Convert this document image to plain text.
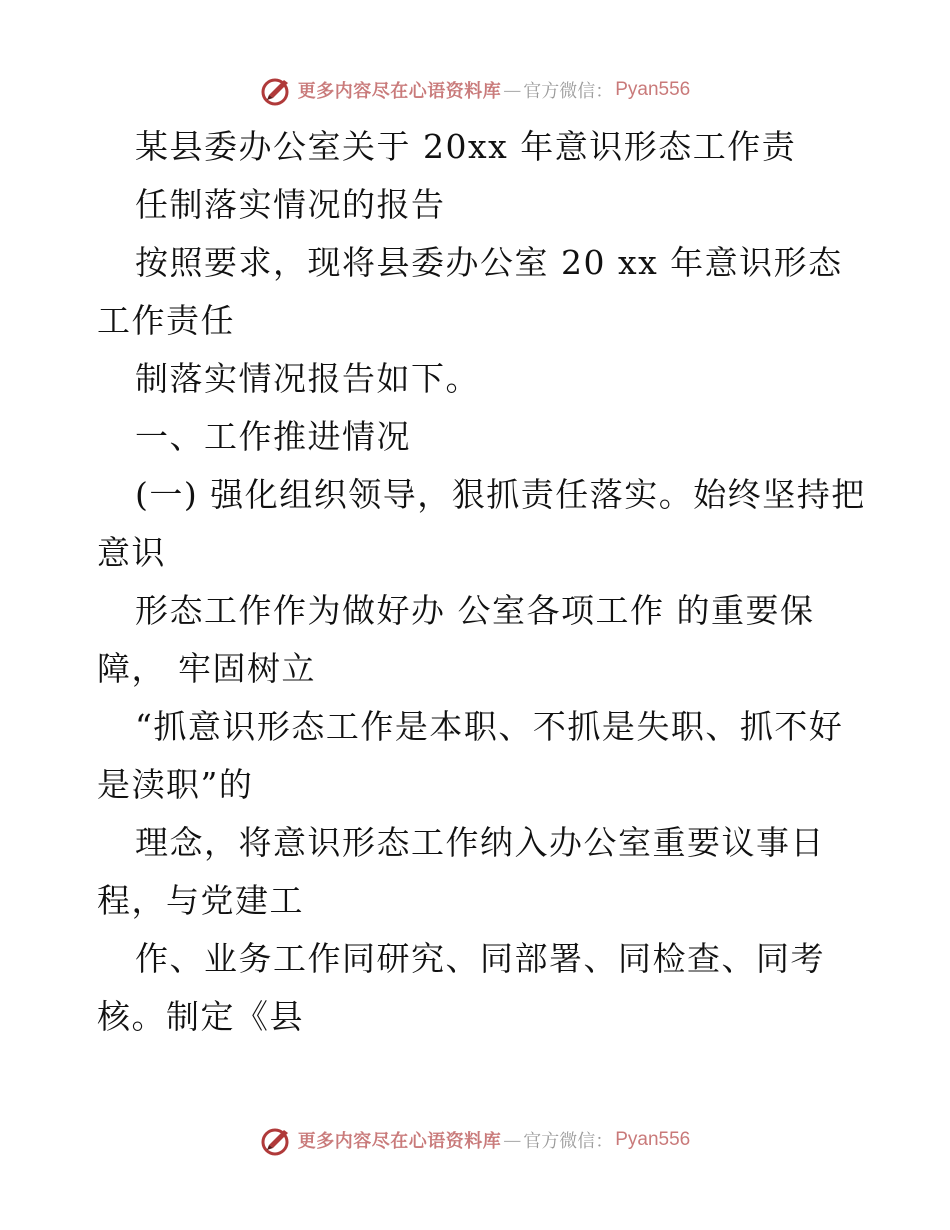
更多内容尽在心语资料库 — 官方微信： Pyan556
某县委办公室关于 20xx 年意识形态工作责
任制落实情况的报告
按照要求，现将县委办公室 20 xx 年意识形态
工作责任
制落实情况报告如下。
一、工作推进情况
(一) 强化组织领导，狠抓责任落实。始终坚持把
意识
形态工作作为做好办 公室各项工作 的重要保
障， 牢固树立
“抓意识形态工作是本职、不抓是失职、抓不好
是渎职”的
理念，将意识形态工作纳入办公室重要议事日
程，与党建工
作、业务工作同研究、同部署、同检查、同考
核。制定《县
更多内容尽在心语资料库 — 官方微信： Pyan556
